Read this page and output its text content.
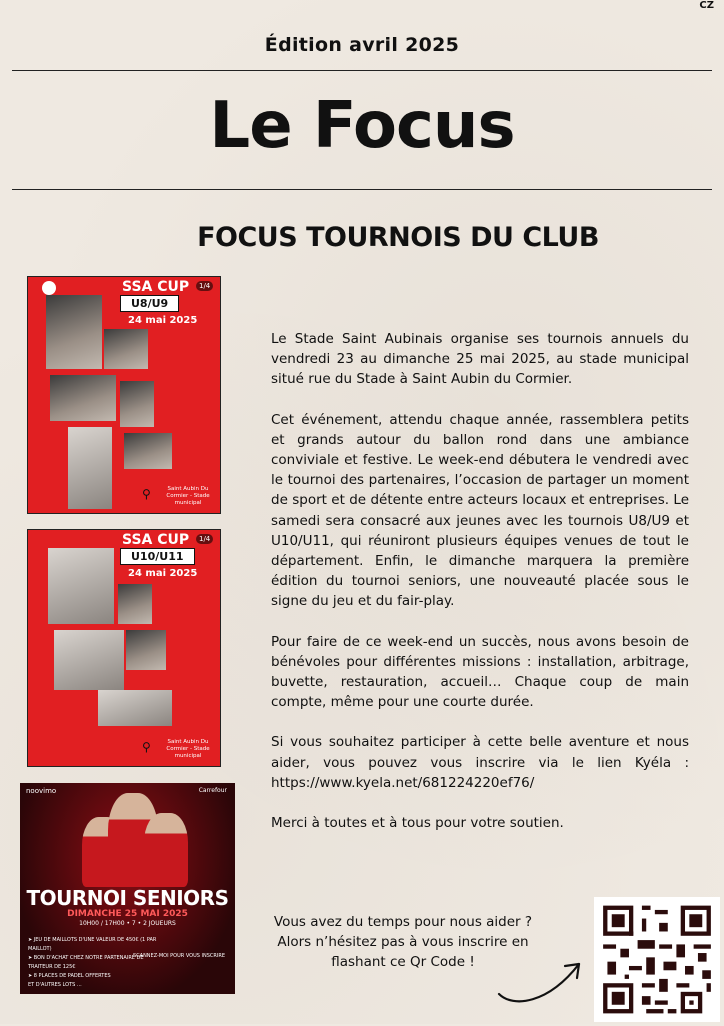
CZ
Édition avril 2025
Le Focus
FOCUS TOURNOIS DU CLUB
SSA CUP
U8/U9
24 mai 2025
1/4
⚲	Saint Aubin Du Cormier - Stade municipal
SSA CUP
U10/U11
24 mai 2025
1/4
⚲	Saint Aubin Du Cormier - Stade municipal
noovimo	Carrefour
TOURNOI SENIORS
DIMANCHE 25 MAI 2025
10H00 / 17H00 • 7 • 2 JOUEURS
➤ JEU DE MAILLOTS D'UNE VALEUR DE 450€ (1 PAR MAILLOT)
➤ BON D'ACHAT CHEZ NOTRE PARTENAIRE DE TRAITEUR DE 125€
➤ 8 PLACES DE PADEL OFFERTES
ET D'AUTRES LOTS ...
SCANNEZ-MOI POUR VOUS INSCRIRE

Le Stade Saint Aubinais organise ses tournois annuels du vendredi 23 au dimanche 25 mai 2025, au stade municipal situé rue du Stade à Saint Aubin du Cormier.

Cet événement, attendu chaque année, rassemblera petits et grands autour du ballon rond dans une ambiance conviviale et festive. Le week-end débutera le vendredi avec le tournoi des partenaires, l’occasion de partager un moment de sport et de détente entre acteurs locaux et entreprises. Le samedi sera consacré aux jeunes avec les tournois U8/U9 et U10/U11, qui réuniront plusieurs équipes venues de tout le département. Enfin, le dimanche marquera la première édition du tournoi seniors, une nouveauté placée sous le signe du jeu et du fair-play.

Pour faire de ce week-end un succès, nous avons besoin de bénévoles pour différentes missions : installation, arbitrage, buvette, restauration, accueil… Chaque coup de main compte, même pour une courte durée.

Si vous souhaitez participer à cette belle aventure et nous aider, vous pouvez vous inscrire via le lien Kyéla : https://www.kyela.net/681224220ef76/

Merci à toutes et à tous pour votre soutien.

Vous avez du temps pour nous aider ? Alors n’hésitez pas à vous inscrire en flashant ce Qr Code !
